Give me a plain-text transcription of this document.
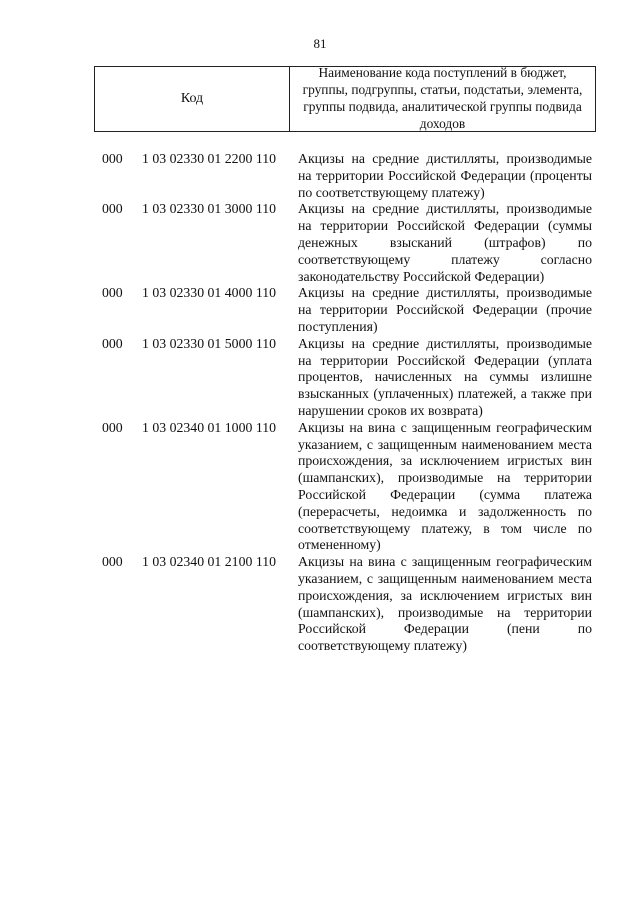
81
Код
Наименование кода поступлений в бюджет, группы, подгруппы, статьи, подстатьи, элемента, группы подвида, аналитической группы подвида доходов
000	1 03 02330 01 2200 110	Акцизы на средние дистилляты, производимые на территории Российской Федерации (проценты по соответствующему платежу)
000	1 03 02330 01 3000 110	Акцизы на средние дистилляты, производимые на территории Российской Федерации (суммы денежных взысканий (штрафов) по соответствующему платежу согласно законодательству Российской Федерации)
000	1 03 02330 01 4000 110	Акцизы на средние дистилляты, производимые на территории Российской Федерации (прочие поступления)
000	1 03 02330 01 5000 110	Акцизы на средние дистилляты, производимые на территории Российской Федерации (уплата процентов, начисленных на суммы излишне взысканных (уплаченных) платежей, а также при нарушении сроков их возврата)
000	1 03 02340 01 1000 110	Акцизы на вина с защищенным географическим указанием, с защищенным наименованием места происхождения, за исключением игристых вин (шампанских), производимые на территории Российской Федерации (сумма платежа (перерасчеты, недоимка и задолженность по соответствующему платежу, в том числе по отмененному)
000	1 03 02340 01 2100 110	Акцизы на вина с защищенным географическим указанием, с защищенным наименованием места происхождения, за исключением игристых вин (шампанских), производимые на территории Российской Федерации (пени по соответствующему платежу)
